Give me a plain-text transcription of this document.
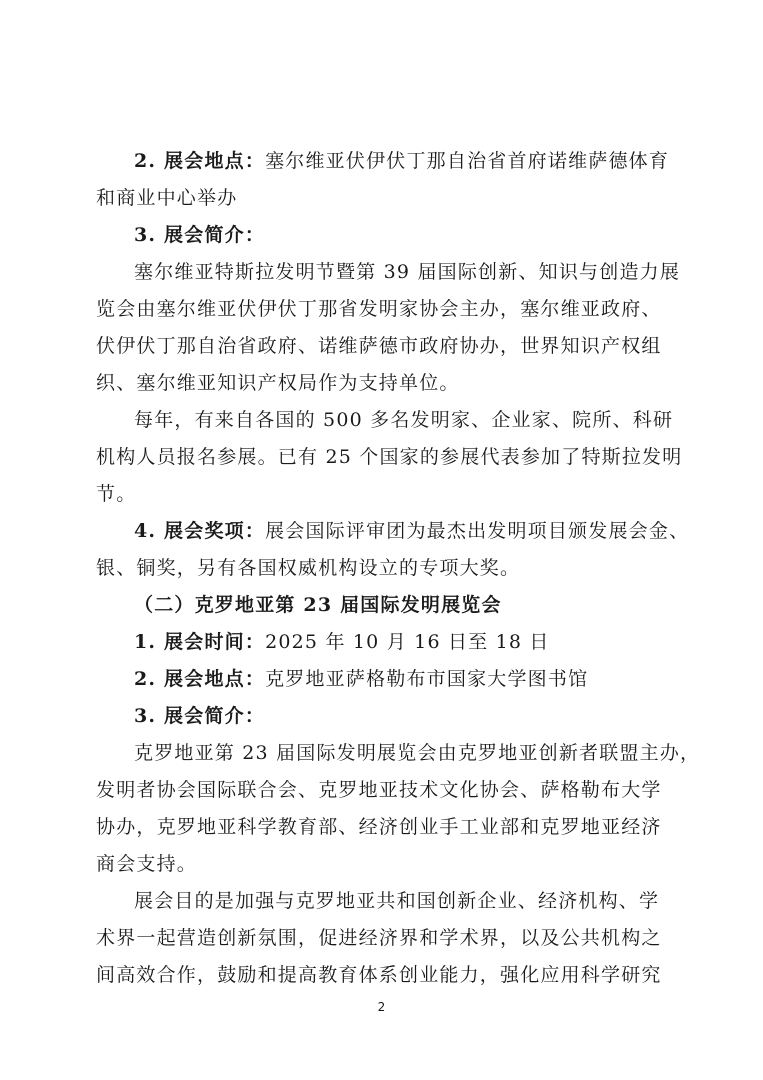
2. 展会地点：塞尔维亚伏伊伏丁那自治省首府诺维萨德体育
和商业中心举办
3. 展会简介：
塞尔维亚特斯拉发明节暨第 39 届国际创新、知识与创造力展
览会由塞尔维亚伏伊伏丁那省发明家协会主办，塞尔维亚政府、
伏伊伏丁那自治省政府、诺维萨德市政府协办，世界知识产权组
织、塞尔维亚知识产权局作为支持单位。
每年，有来自各国的 500 多名发明家、企业家、院所、科研
机构人员报名参展。已有 25 个国家的参展代表参加了特斯拉发明
节。
4. 展会奖项：展会国际评审团为最杰出发明项目颁发展会金、
银、铜奖，另有各国权威机构设立的专项大奖。
（二）克罗地亚第 23 届国际发明展览会
1. 展会时间：2025 年 10 月 16 日至 18 日
2. 展会地点：克罗地亚萨格勒布市国家大学图书馆
3. 展会简介：
克罗地亚第 23 届国际发明展览会由克罗地亚创新者联盟主办，
发明者协会国际联合会、克罗地亚技术文化协会、萨格勒布大学
协办，克罗地亚科学教育部、经济创业手工业部和克罗地亚经济
商会支持。
展会目的是加强与克罗地亚共和国创新企业、经济机构、学
术界一起营造创新氛围，促进经济界和学术界，以及公共机构之
间高效合作，鼓励和提高教育体系创业能力，强化应用科学研究
2
